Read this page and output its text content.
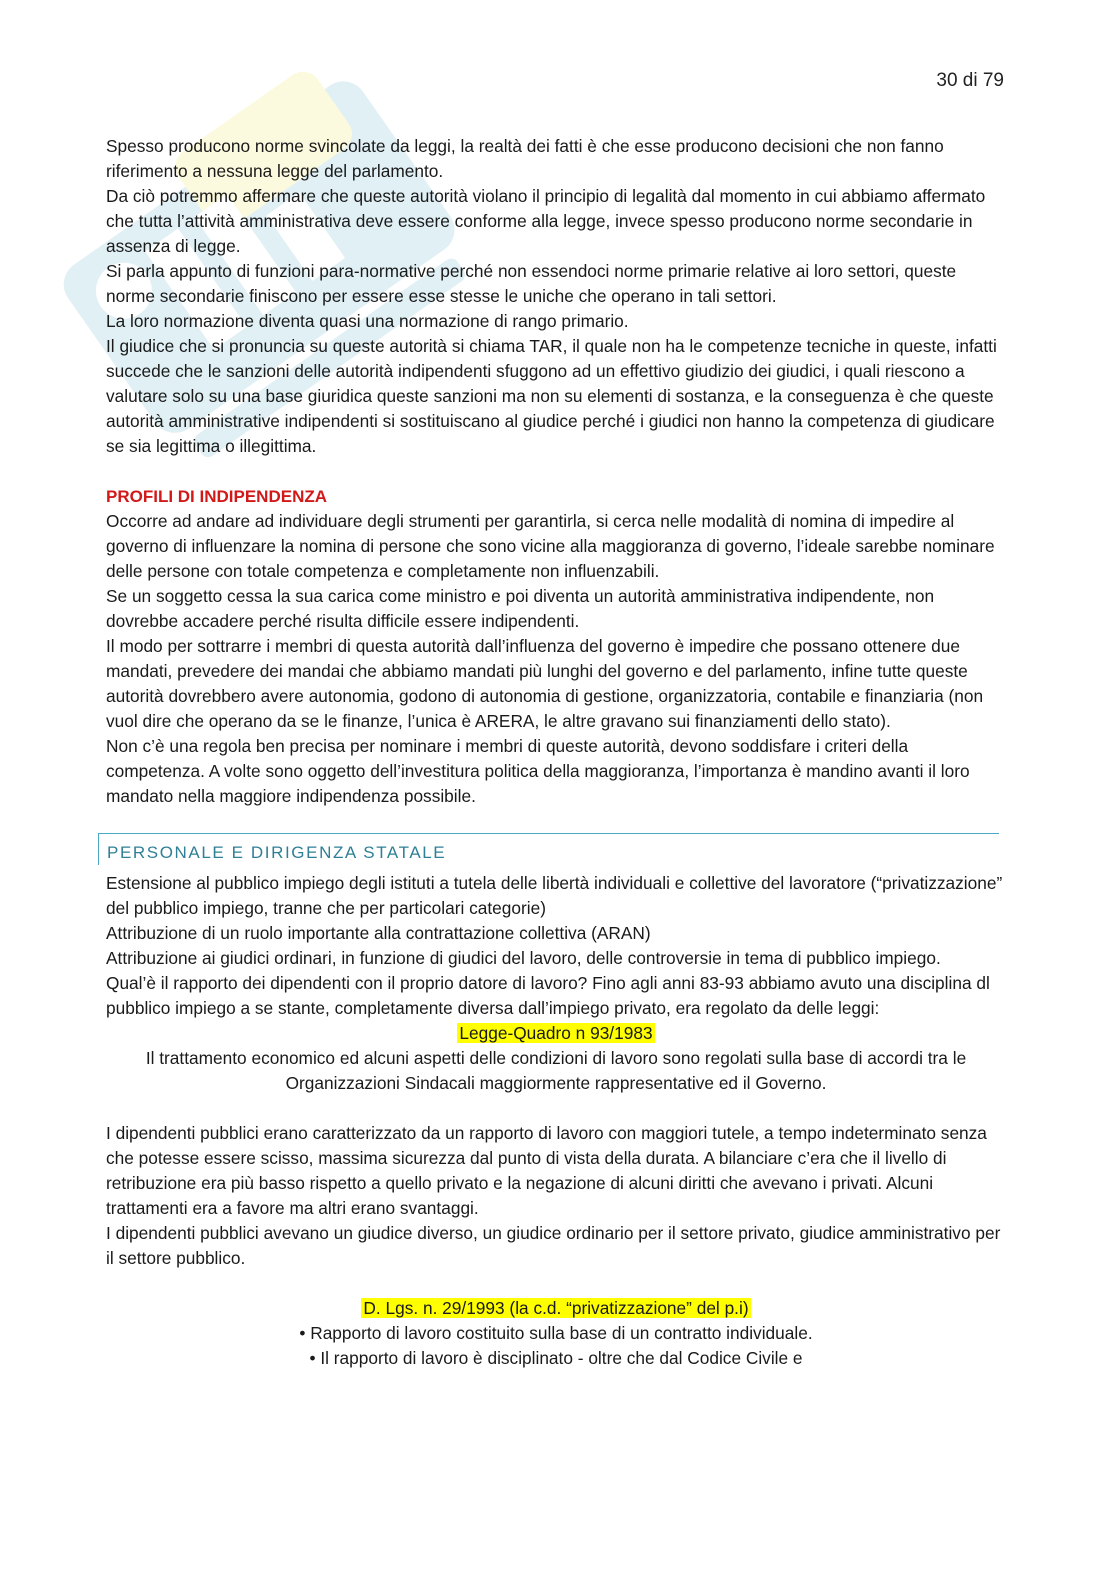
30 di 79

Spesso producono norme svincolate da leggi, la realtà dei fatti è che esse producono decisioni che non fanno riferimento a nessuna legge del parlamento.

Da ciò potremmo affermare che queste autorità violano il principio di legalità dal momento in cui abbiamo affermato che tutta l’attività amministrativa deve essere conforme alla legge, invece spesso producono norme secondarie in assenza di legge.

Si parla appunto di funzioni para-normative perché non essendoci norme primarie relative ai loro settori, queste norme secondarie finiscono per essere esse stesse le uniche che operano in tali settori.

La loro normazione diventa quasi una normazione di rango primario.

Il giudice che si pronuncia su queste autorità si chiama TAR, il quale non ha le competenze tecniche in queste, infatti succede che le sanzioni delle autorità indipendenti sfuggono ad un effettivo giudizio dei giudici, i quali riescono a valutare solo su una base giuridica queste sanzioni ma non su elementi di sostanza, e la conseguenza è che queste autorità amministrative indipendenti si sostituiscano al giudice perché i giudici non hanno la competenza di giudicare se sia legittima o illegittima.

PROFILI DI INDIPENDENZA

Occorre ad andare ad individuare degli strumenti per garantirla, si cerca nelle modalità di nomina di impedire al governo di influenzare la nomina di persone che sono vicine alla maggioranza di governo, l’ideale sarebbe nominare delle persone con totale competenza e completamente non influenzabili.

Se un soggetto cessa la sua carica come ministro e poi diventa un autorità amministrativa indipendente, non dovrebbe accadere perché risulta difficile essere indipendenti.

Il modo per sottrarre i membri di questa autorità dall’influenza del governo è impedire che possano ottenere due mandati, prevedere dei mandai che abbiamo mandati più lunghi del governo e del parlamento, infine tutte queste autorità dovrebbero avere autonomia, godono di autonomia di gestione, organizzatoria, contabile e finanziaria (non vuol dire che operano da se le finanze, l’unica è ARERA, le altre gravano sui finanziamenti dello stato).

Non c’è una regola ben precisa per nominare i membri di queste autorità, devono soddisfare i criteri della competenza. A volte sono oggetto dell’investitura politica della maggioranza, l’importanza è mandino avanti il loro mandato nella maggiore indipendenza possibile.

PERSONALE E DIRIGENZA STATALE

Estensione al pubblico impiego degli istituti a tutela delle libertà individuali e collettive del lavoratore (“privatizzazione” del pubblico impiego, tranne che per particolari categorie)

Attribuzione di un ruolo importante alla contrattazione collettiva (ARAN)

Attribuzione ai giudici ordinari, in funzione di giudici del lavoro, delle controversie in tema di pubblico impiego.

Qual’è il rapporto dei dipendenti con il proprio datore di lavoro? Fino agli anni 83-93 abbiamo avuto una disciplina dl pubblico impiego a se stante, completamente diversa dall’impiego privato, era regolato da delle leggi:

Legge-Quadro n 93/1983

Il trattamento economico ed alcuni aspetti delle condizioni di lavoro sono regolati sulla base di accordi tra le Organizzazioni Sindacali maggiormente rappresentative ed il Governo.

I dipendenti pubblici erano caratterizzato da un rapporto di lavoro con maggiori tutele, a tempo indeterminato senza che potesse essere scisso, massima sicurezza dal punto di vista della durata. A bilanciare c’era che il livello di retribuzione era più basso rispetto a quello privato e la negazione di alcuni diritti che avevano i privati. Alcuni trattamenti era a favore ma altri erano svantaggi.

I dipendenti pubblici avevano un giudice diverso, un giudice ordinario per il settore privato, giudice amministrativo per il settore pubblico.

D. Lgs. n. 29/1993 (la c.d. “privatizzazione” del p.i)

• Rapporto di lavoro costituito sulla base di un contratto individuale.

• Il rapporto di lavoro è disciplinato - oltre che dal Codice Civile e
